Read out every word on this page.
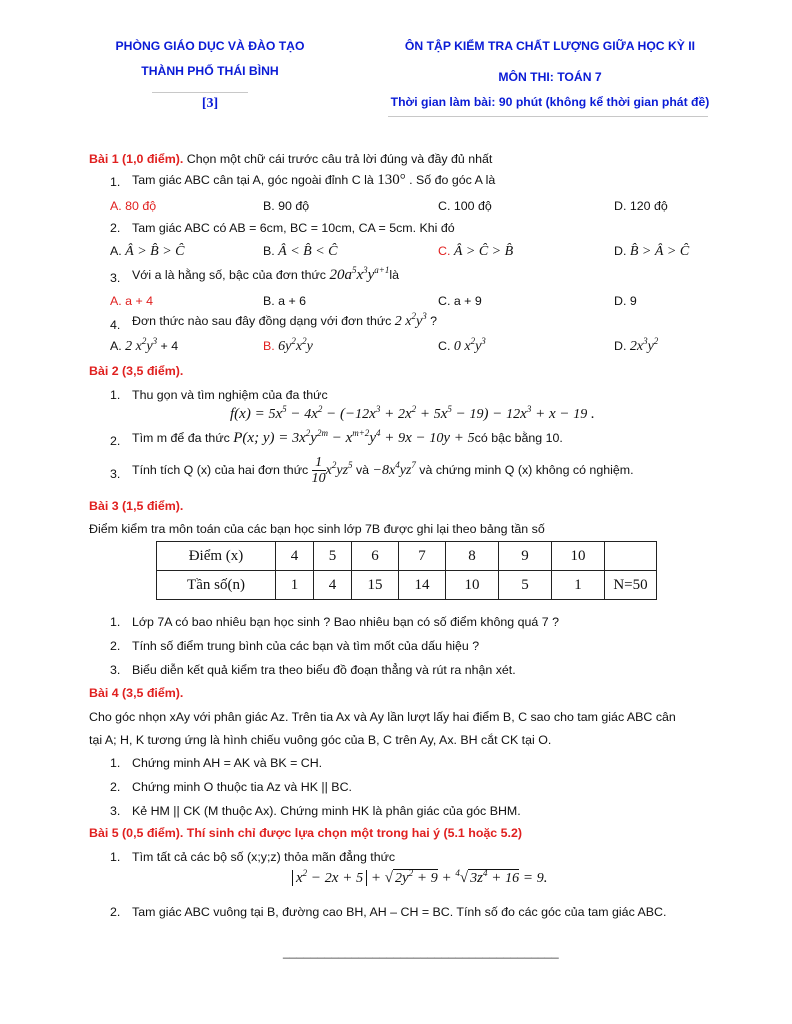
PHÒNG GIÁO DỤC VÀ ĐÀO TẠO
THÀNH PHỐ THÁI BÌNH
[3]
ÔN TẬP KIỂM TRA CHẤT LƯỢNG GIỮA HỌC KỲ II
MÔN THI: TOÁN 7
Thời gian làm bài: 90 phút (không kể thời gian phát đề)
Bài 1 (1,0 điểm). Chọn một chữ cái trước câu trả lời đúng và đầy đủ nhất
1. Tam giác ABC cân tại A, góc ngoài đỉnh C là 130° . Số đo góc A là
A. 80 độ	B. 90 độ	C. 100 độ	D. 120 độ
2. Tam giác ABC có AB = 6cm, BC = 10cm, CA = 5cm. Khi đó
A. Â > B̂ > Ĉ	B. Â < B̂ < Ĉ	C. Â > Ĉ > B̂	D. B̂ > Â > Ĉ
3. Với a là hằng số, bậc của đơn thức $20a^5x^3y^{a+1}là$
A. a + 4	B. a + 6	C. a + 9	D. 9
4. Đơn thức nào sau đây đồng dạng với đơn thức 2 $x^2y^3$ ?
A. 2 $x^2y^3 + 4$	B. $6y^2x^2y$	C. 0 $x^2y^3$	D. $2x^3y^2$
Bài 2 (3,5 điểm).
1. Thu gọn và tìm nghiệm của đa thức
$f(x) = 5x^5 - 4x^2 - (-12x^3 + 2x^2 + 5x^5 - 19) - 12x^3 + x - 19$ .
2. Tìm m để đa thức P(x; $y) = 3x^2y^{2m} - x^{m+2}y^4 + 9x - 10y$ + 5có bậc bằng 10.
3. Tính tích Q (x) của hai đơn thức $\frac{1}{10} x^2yz^5$ và $-8x^4yz^7$ và chứng minh Q (x) không có nghiệm.
Bài 3 (1,5 điểm).
Điểm kiểm tra môn toán của các bạn học sinh lớp 7B được ghi lại theo bảng tần số
Điểm (x)	4	5	6	7	8	9	10	
Tần số(n)	1	4	15	14	10	5	1	N=50
1. Lớp 7A có bao nhiêu bạn học sinh ? Bao nhiêu bạn có số điểm không quá 7 ?
2. Tính số điểm trung bình của các bạn và tìm mốt của dấu hiệu ?
3. Biểu diễn kết quả kiểm tra theo biểu đồ đoạn thẳng và rút ra nhận xét.
Bài 4 (3,5 điểm).
Cho góc nhọn xAy với phân giác Az. Trên tia Ax và Ay lần lượt lấy hai điểm B, C sao cho tam giác ABC cân
tại A; H, K tương ứng là hình chiếu vuông góc của B, C trên Ay, Ax. BH cắt CK tại O.
1. Chứng minh AH = AK và BK = CH.
2. Chứng minh O thuộc tia Az và HK || BC.
3. Kẻ HM || CK (M thuộc Ax). Chứng minh HK là phân giác của góc BHM.
Bài 5 (0,5 điểm). Thí sinh chỉ được lựa chọn một trong hai ý (5.1 hoặc 5.2)
1. Tìm tất cả các bộ số (x;y;z) thỏa mãn đẳng thức
$x^2 - 2x + 5$ + √ $2y^2 + 9 + ^4√$ $3z^4 + 16 = 9$.
2. Tam giác ABC vuông tại B, đường cao BH, AH – CH = BC. Tính số đo các góc của tam giác ABC.
________________________________________
